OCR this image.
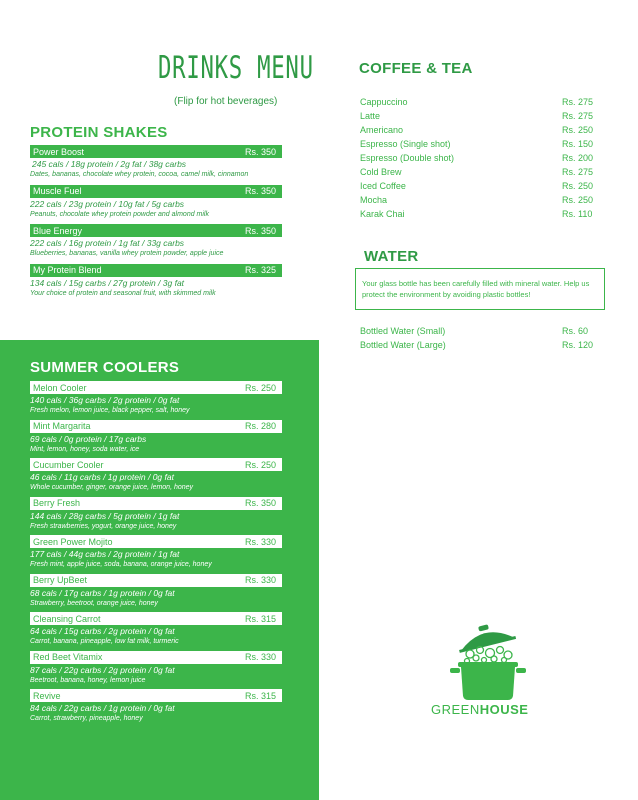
DRINKS MENU
(Flip for hot beverages)
PROTEIN SHAKES
Power Boost	Rs. 350
245 cals / 18g protein / 2g fat / 38g carbs
Dates, bananas, chocolate whey protein, cocoa, camel milk, cinnamon
Muscle Fuel	Rs. 350
222 cals / 23g protein / 10g fat / 5g carbs
Peanuts, chocolate whey protein powder and almond milk
Blue Energy	Rs. 350
222 cals / 16g protein / 1g fat / 33g carbs
Blueberries, bananas, vanilla whey protein powder, apple juice
My Protein Blend	Rs. 325
134 cals / 15g carbs / 27g protein / 3g fat
Your choice of protein and seasonal fruit, with skimmed milk
SUMMER COOLERS
Melon Cooler	Rs. 250
140 cals / 36g carbs / 2g protein / 0g fat
Fresh melon, lemon juice, black pepper, salt, honey
Mint Margarita	Rs. 280
69 cals / 0g protein / 17g carbs
Mint, lemon, honey, soda water, ice
Cucumber Cooler	Rs. 250
46 cals / 11g carbs / 1g protein / 0g fat
Whole cucumber, ginger, orange juice, lemon, honey
Berry Fresh	Rs. 350
144 cals / 28g carbs / 5g protein / 1g fat
Fresh strawberries, yogurt, orange juice, honey
Green Power Mojito	Rs. 330
177 cals / 44g carbs / 2g protein / 1g fat
Fresh mint, apple juice, soda, banana, orange juice, honey
Berry UpBeet	Rs. 330
68 cals / 17g carbs / 1g protein / 0g fat
Strawberry, beetroot, orange juice, honey
Cleansing Carrot	Rs. 315
64 cals / 15g carbs / 2g protein / 0g fat
Carrot, banana, pineapple, low fat milk, turmeric
Red Beet Vitamix	Rs. 330
87 cals / 22g carbs / 2g protein / 0g fat
Beetroot, banana, honey, lemon juice
Revive	Rs. 315
84 cals / 22g carbs / 1g protein / 0g fat
Carrot, strawberry, pineapple, honey
COFFEE & TEA
Cappuccino	Rs. 275
Latte	Rs. 275
Americano	Rs. 250
Espresso (Single shot)	Rs. 150
Espresso (Double shot)	Rs. 200
Cold Brew	Rs. 275
Iced Coffee	Rs. 250
Mocha	Rs. 250
Karak Chai	Rs. 110
WATER
Your glass bottle has been carefully filled with mineral water. Help us protect the environment by avoiding plastic bottles!
Bottled Water (Small)	Rs. 60
Bottled Water (Large)	Rs. 120
GREENHOUSE
